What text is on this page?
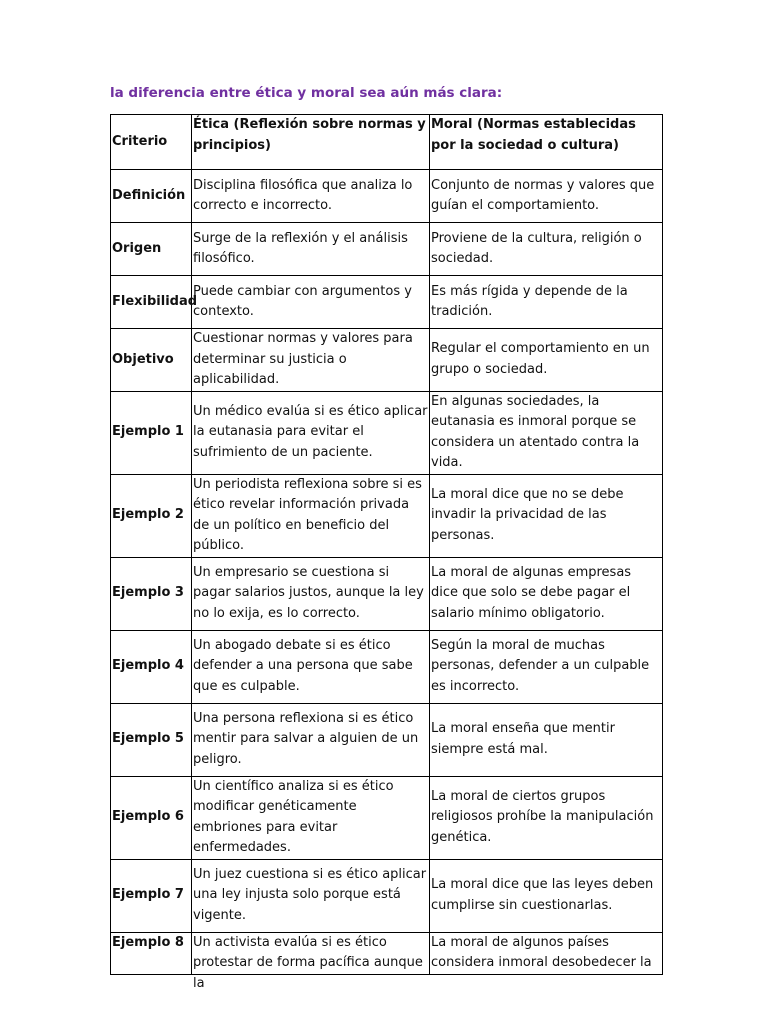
la diferencia entre ética y moral sea aún más clara:
Criterio	Ética (Reflexión sobre normas y principios)	Moral (Normas establecidas por la sociedad o cultura)
Definición	Disciplina filosófica que analiza lo correcto e incorrecto.	Conjunto de normas y valores que guían el comportamiento.
Origen	Surge de la reflexión y el análisis filosófico.	Proviene de la cultura, religión o sociedad.
Flexibilidad	Puede cambiar con argumentos y contexto.	Es más rígida y depende de la tradición.
Objetivo	Cuestionar normas y valores para determinar su justicia o aplicabilidad.	Regular el comportamiento en un grupo o sociedad.
Ejemplo 1	Un médico evalúa si es ético aplicar la eutanasia para evitar el sufrimiento de un paciente.	En algunas sociedades, la eutanasia es inmoral porque se considera un atentado contra la vida.
Ejemplo 2	Un periodista reflexiona sobre si es ético revelar información privada de un político en beneficio del público.	La moral dice que no se debe invadir la privacidad de las personas.
Ejemplo 3	Un empresario se cuestiona si pagar salarios justos, aunque la ley no lo exija, es lo correcto.	La moral de algunas empresas dice que solo se debe pagar el salario mínimo obligatorio.
Ejemplo 4	Un abogado debate si es ético defender a una persona que sabe que es culpable.	Según la moral de muchas personas, defender a un culpable es incorrecto.
Ejemplo 5	Una persona reflexiona si es ético mentir para salvar a alguien de un peligro.	La moral enseña que mentir siempre está mal.
Ejemplo 6	Un científico analiza si es ético modificar genéticamente embriones para evitar enfermedades.	La moral de ciertos grupos religiosos prohíbe la manipulación genética.
Ejemplo 7	Un juez cuestiona si es ético aplicar una ley injusta solo porque está vigente.	La moral dice que las leyes deben cumplirse sin cuestionarlas.

Ejemplo 8	Un activista evalúa si es ético protestar de forma pacífica aunque la	La moral de algunos países considera inmoral desobedecer la
